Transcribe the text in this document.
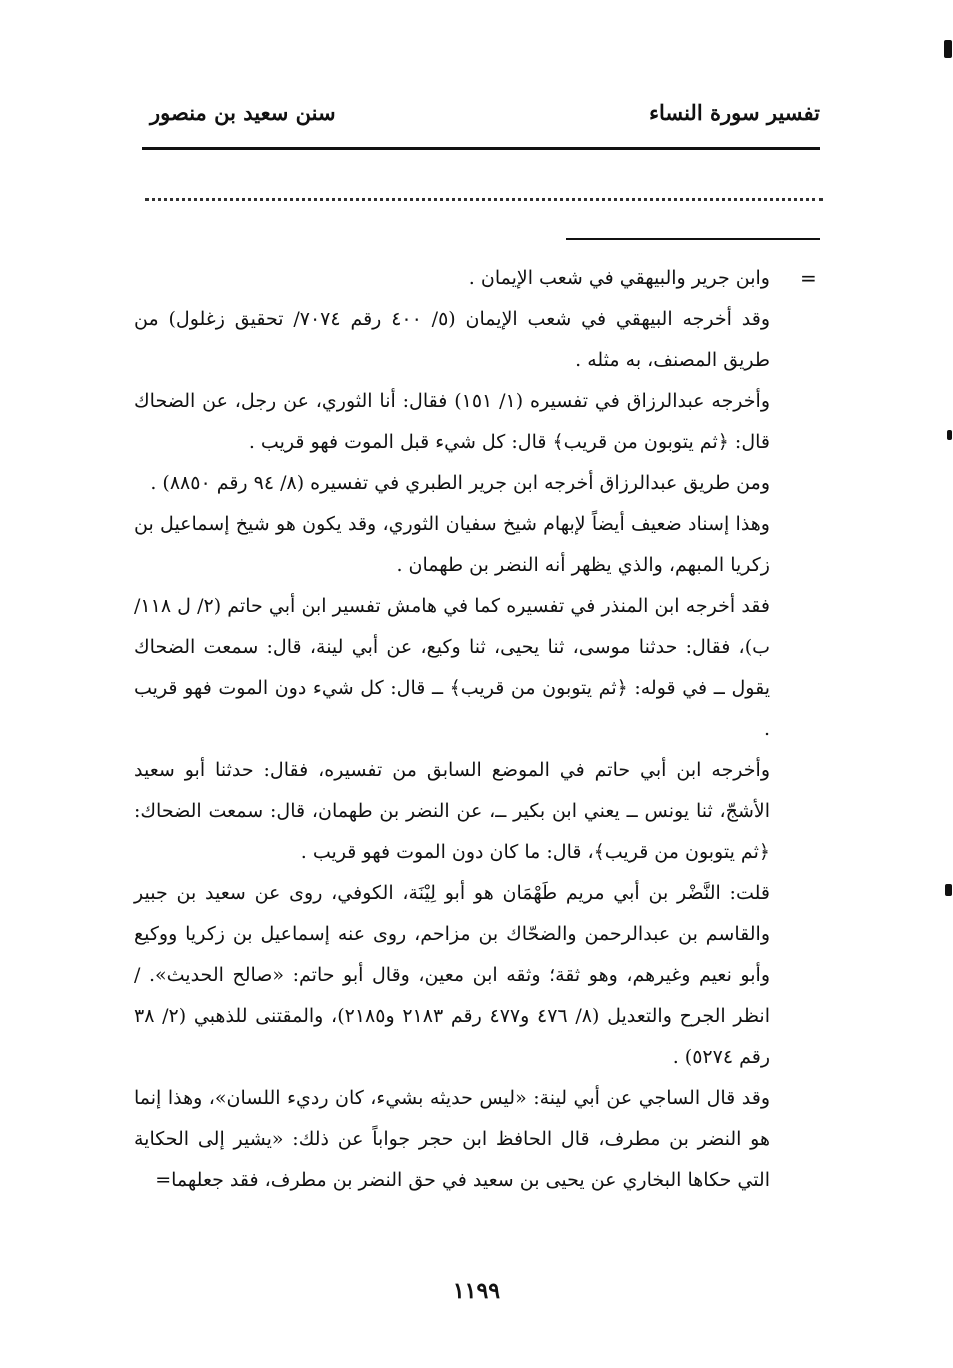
تفسير سورة النساء
سنن سعيد بن منصور
=

وابن جرير والبيهقي في شعب الإيمان .

وقد أخرجه البيهقي في شعب الإيمان (٥/ ٤٠٠ رقم ٧٠٧٤/ تحقيق زغلول) من طريق المصنف، به مثله .

وأخرجه عبدالرزاق في تفسيره (١/ ١٥١) فقال: أنا الثوري، عن رجل، عن الضحاك قال: ﴿ثم يتوبون من قريب﴾ قال: كل شيء قبل الموت فهو قريب .

ومن طريق عبدالرزاق أخرجه ابن جرير الطبري في تفسيره (٨/ ٩٤ رقم ٨٨٥٠) .

وهذا إسناد ضعيف أيضاً لإبهام شيخ سفيان الثوري، وقد يكون هو شيخ إسماعيل بن زكريا المبهم، والذي يظهر أنه النضر بن طهمان .

فقد أخرجه ابن المنذر في تفسيره كما في هامش تفسير ابن أبي حاتم (٢/ ل ١١٨/ ب)، فقال: حدثنا موسى، ثنا يحيى، ثنا وكيع، عن أبي لينة، قال: سمعت الضحاك يقول ــ في قوله: ﴿ثم يتوبون من قريب﴾ ــ قال: كل شيء دون الموت فهو قريب .

وأخرجه ابن أبي حاتم في الموضع السابق من تفسيره، فقال: حدثنا أبو سعيد الأشجّ، ثنا يونس ــ يعني ابن بكير ــ، عن النضر بن طهمان، قال: سمعت الضحاك: ﴿ثم يتوبون من قريب﴾، قال: ما كان دون الموت فهو قريب .

قلت: النَّضْر بن أبي مريم طَهْمَان هو أبو لِيْنَة، الكوفي، روى عن سعيد بن جبير والقاسم بن عبدالرحمن والضحّاك بن مزاحم، روى عنه إسماعيل بن زكريا ووكيع وأبو نعيم وغيرهم، وهو ثقة؛ وثقه ابن معين، وقال أبو حاتم: «صالح الحديث». / انظر الجرح والتعديل (٨/ ٤٧٦ و٤٧٧ رقم ٢١٨٣ و٢١٨٥)، والمقتنى للذهبي (٢/ ٣٨ رقم ٥٢٧٤) .

وقد قال الساجي عن أبي لينة: «ليس حديثه بشيء، كان رديء اللسان»، وهذا إنما هو النضر بن مطرف، قال الحافظ ابن حجر جواباً عن ذلك: «يشير إلى الحكاية التي حكاها البخاري عن يحيى بن سعيد في حق النضر بن مطرف، فقد جعلهما=

١١٩٩
